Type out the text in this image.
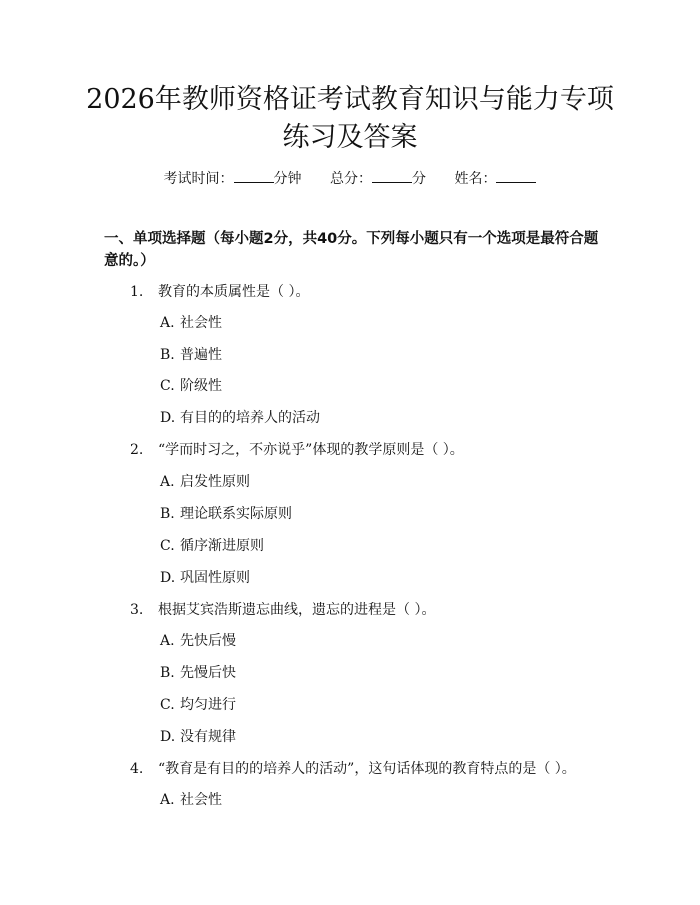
2026年教师资格证考试教育知识与能力专项
练习及答案
考试时间：	分钟 总分：	分 姓名：
一、单项选择题（每小题2分，共40分。下列每小题只有一个选项是最符合题意的。）
1. 教育的本质属性是（ ）。
A. 社会性
B. 普遍性
C. 阶级性
D. 有目的的培养人的活动
2. “学而时习之，不亦说乎”体现的教学原则是（ ）。
A. 启发性原则
B. 理论联系实际原则
C. 循序渐进原则
D. 巩固性原则
3. 根据艾宾浩斯遗忘曲线，遗忘的进程是（ ）。
A. 先快后慢
B. 先慢后快
C. 均匀进行
D. 没有规律
4. “教育是有目的的培养人的活动”，这句话体现的教育特点的是（ ）。
A. 社会性
